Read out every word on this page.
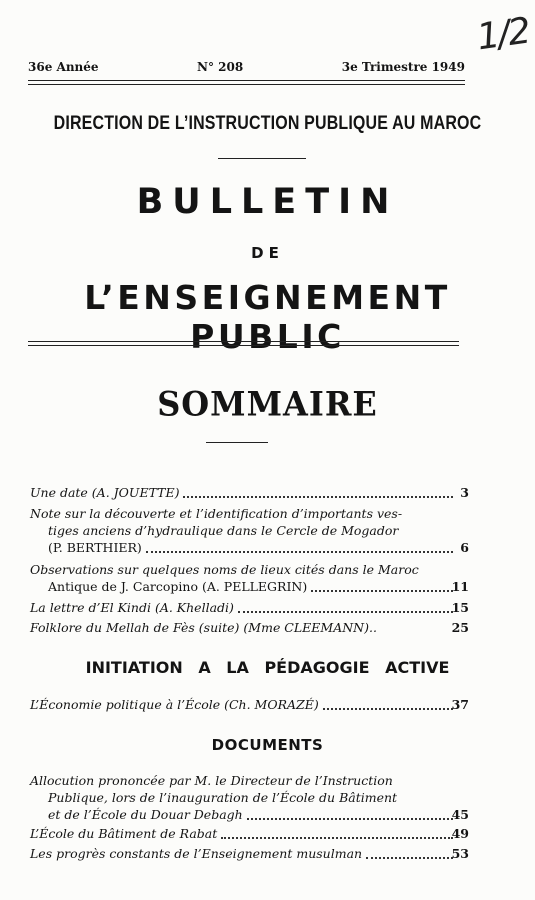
1/2
36e Année	N° 208	3e Trimestre 1949
DIRECTION DE L’INSTRUCTION PUBLIQUE AU MAROC
BULLETIN
DE
L’ENSEIGNEMENT PUBLIC
SOMMAIRE
Une date (A. JOUETTE)	3
Note sur la découverte et l’identification d’importants ves-
tiges anciens d’hydraulique dans le Cercle de Mogador
(P. BERTHIER)	6
Observations sur quelques noms de lieux cités dans le Maroc
Antique de J. Carcopino (A. PELLEGRIN)	11
La lettre d’El Kindi (A. Khelladi)	15
Folklore du Mellah de Fès (suite) (Mme CLEEMANN)..	25
INITIATION A LA PÉDAGOGIE ACTIVE
L’Économie politique à l’École (Ch. MORAZÉ)	37
DOCUMENTS
Allocution prononcée par M. le Directeur de l’Instruction
Publique, lors de l’inauguration de l’École du Bâtiment
et de l’École du Douar Debagh	45
L’École du Bâtiment de Rabat	49
Les progrès constants de l’Enseignement musulman	53
